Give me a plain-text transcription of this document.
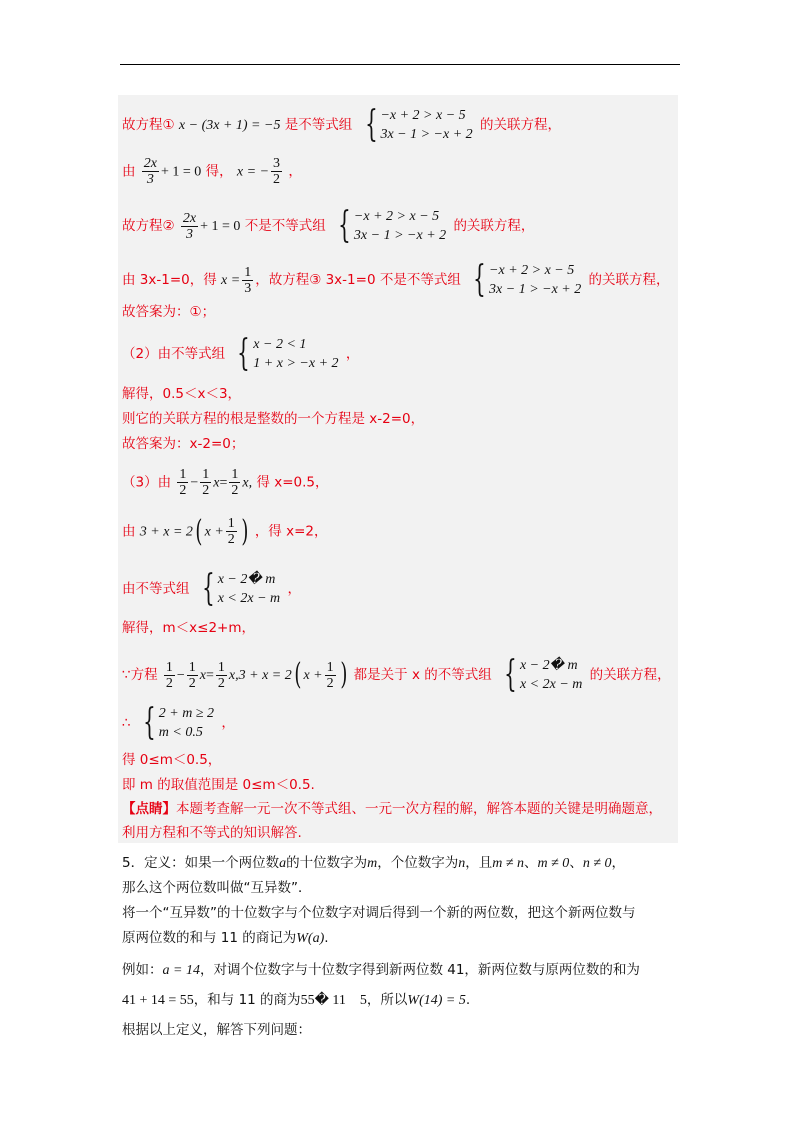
故方程① x − (3x + 1) = −5 是不等式组 { −x + 2 > x − 5
3x − 1 > −x + 2
的关联方程，
由 $\frac{2x}{3} + 1 = 0$ 得， x = − $\frac{3}{2}$ ，
故方程② $\frac{2x}{3} + 1 = 0$ 不是不等式组 { −x + 2 > x − 5
3x − 1 > −x + 2
的关联方程，
由 3x-1=0，得 $x = \frac{1}{3}$ ，故方程③ 3x-1=0 不是不等式组 { −x + 2 > x − 5
3x − 1 > −x + 2
的关联方程，
故答案为：①；
（2）由不等式组 { x − 2 < 1
1 + x > −x + 2
，
解得，0.5＜x＜3，
则它的关联方程的根是整数的一个方程是 x-2=0，
故答案为：x-2=0；
（3）由 $\frac{1}{2} - \frac{1}{2} x= \frac{1}{2} x$, 得 x=0.5，
由 3 + x = 2( $x + \frac{1}{2}$ ) ，得 x=2，
由不等式组 { x − 2� m
x < 2x − m
，
解得，m＜x≤2+m，
∵方程 $\frac{1}{2} - \frac{1}{2} x= \frac{1}{2} x,3 + x = 2$( $x + \frac{1}{2}$ ) 都是关于 x 的不等式组 { x − 2� m
x < 2x − m
的关联方程，
∴ { 2 + m ≥ 2
m < 0.5
，
得 0≤m＜0.5，
即 m 的取值范围是 0≤m＜0.5.
【点睛】本题考查解一元一次不等式组、一元一次方程的解，解答本题的关键是明确题意，
利用方程和不等式的知识解答.
5．定义：如果一个两位数a的十位数字为m，个位数字为n，且m ≠ n、m ≠ 0、n ≠ 0，
那么这个两位数叫做“互异数”．
将一个“互异数”的十位数字与个位数字对调后得到一个新的两位数，把这个新两位数与
原两位数的和与 11 的商记为W(a).
例如：a = 14，对调个位数字与十位数字得到新两位数 41，新两位数与原两位数的和为
41 + 14 = 55，和与 11 的商为55� 11　5，所以W(14) = 5.
根据以上定义，解答下列问题：
